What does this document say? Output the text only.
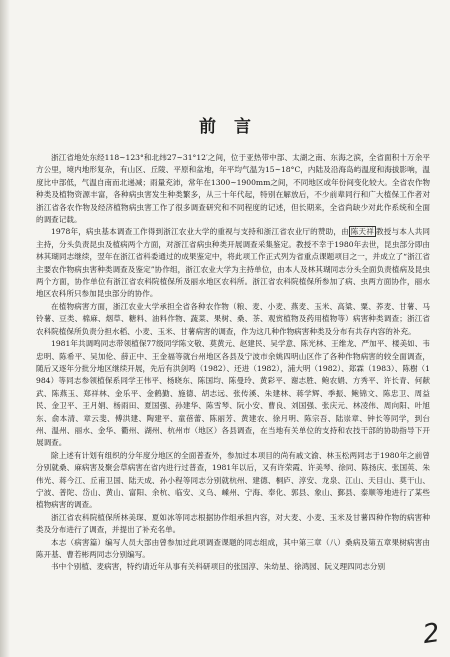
前言

浙江省地处东经118~123°和北纬27~31°12′之间，位于亚热带中部、太湖之南、东海之滨，全省面积十万余平方公里，境内地形复杂，有山区、丘陵、平原和盆地，年平均气温为15~18°C，内陆及沿海岛屿温度和海拔影响，温度比中部低，气温自南而北递减；雨量充沛，常年在1300~1900mm之间，不同地区或年份间变化较大。全省农作物种类及植物资源丰富，各种病虫害发生种类繁多，从三十年代起，特别在解放后，不少前辈同行和广大植保工作者对浙江省各农作物及经济植物病虫害工作了很多调查研究和不同程度的记述，但长期来，全省尚缺少对此作系统和全面的调查记载。

1978年，病虫基本调查工作得到浙江农业大学的重视与支持和浙江省农业厅的赞助，由 陈天祥 教授与本人共同主持，分头负责昆虫及植病两个方面，对浙江省病虫种类开展调查采集鉴定。教授不幸于1980年去世，昆虫部分即由林其瑚同志继续，翌年在浙江省科委通过的成果鉴定中，将此项工作正式列为省重点课题项目之一，并成立了“浙江省主要农作物病虫害种类调查及鉴定”协作组，浙江农业大学为主持单位，由本人及林其瑚同志分头全面负责植病及昆虫两个方面，协作单位有浙江省农科院植保所及丽水地区农科所。浙江省农科院植保所参加了病、虫两方面协作，丽水地区农科所只参加昆虫部分的协作。

在植物病害方面，浙江农业大学承担全省各种农作物（粮、麦、小麦、燕麦、玉米、高粱、粟、荞麦、甘薯、马铃薯、豆类、棉麻、烟草、糖料、油料作物、蔬菜、果树、桑、茶、观赏植物及药用植物等）病害种类调查；浙江省农科院植保所负责分担水稻、小麦、玉米、甘薯病害的调查，作为这几种作物病害种类及分布有共存内容的补充。

1981年共调鸣同志带领植保77级同学陈文敬、莫黄元、赵建民、吴学意、陈光林、王维龙、严加平、楼美如、韦忠明、陈希平、吴加伦、薛正中、王金福等就台州地区各县及宁波市余姚四明山区作了各种作物病害的较全面调查，随后又逐年分批分地区继续开展，先后有洪剑鸣（1982）、还进（1982），浦大明（1982）、郑霖（1983）、陈樹（1984）等同志参领植保系同学王伟平、杨晓东、陈国均、陈曼玲、黄彩平、谢志胜、鲍农娟、方秀平、许长青、何献武、陈燕玉、郑祥林、金乐平、金鹤勤、施德、胡志远、张传溪、朱建林、蒋学辉、季振、鲍锦文、陈忠卫、周益民、金卫平、王月娟、杨雨田、夏国强、孙建华、陈雪琴、阮小安、曹良、刘国强、张庆元、林凌伟、周向阳、叶旭东、俞本清、章云斐、傅洪建、陶建平、童蓓蕾、陈丽芳、黄建农、徐月明、陈宗吾、陆崇章、钟长等同学，到台州、温州、丽水、金华、衢州、湖州、杭州市（地区）各县调查，在当地有关单位的支持和农技干部的协助指导下开展调查。

除上述有计划有组织的分年度分地区的全面普查外，参加过本项目的尚有戚文渝、林玉松两同志于1980年之前曾分别就桑、麻病害及聚会草病害在省内进行过普查，1981年以后，又有许荣霞、许美琴、徐同、陈扬庆、张国英、朱伟光、蒋今江、丘甫卫国、陆天成、孙小程等同志分别就杭州、建德、桐庐、淳安、龙泉、江山、天目山、莫干山、宁波、普陀、岱山、黄山、富阳、余杭、临安、义乌、嵊州、宁海、奉化、郭县、象山、鄞县、泰顺等地进行了某些植物病害的调查。

浙江省农科院植保所林美琛、夏如冰等同志根据协作组承担内容，对大麦、小麦、玉米及甘薯四种作物的病害种类及分布进行了调查，并提出了补充名单。

本志（病害篇）编写人员大部由曾参加过此项调查课题的同志组成，其中第三章（八）桑病及第五章果树病害由陈开基、曹若彬两同志分别编写。

书中个别植、麦病害，特约请近年从事有关科研项目的张国淳、朱幼星、徐鸿园、阮义理四同志分别

2
